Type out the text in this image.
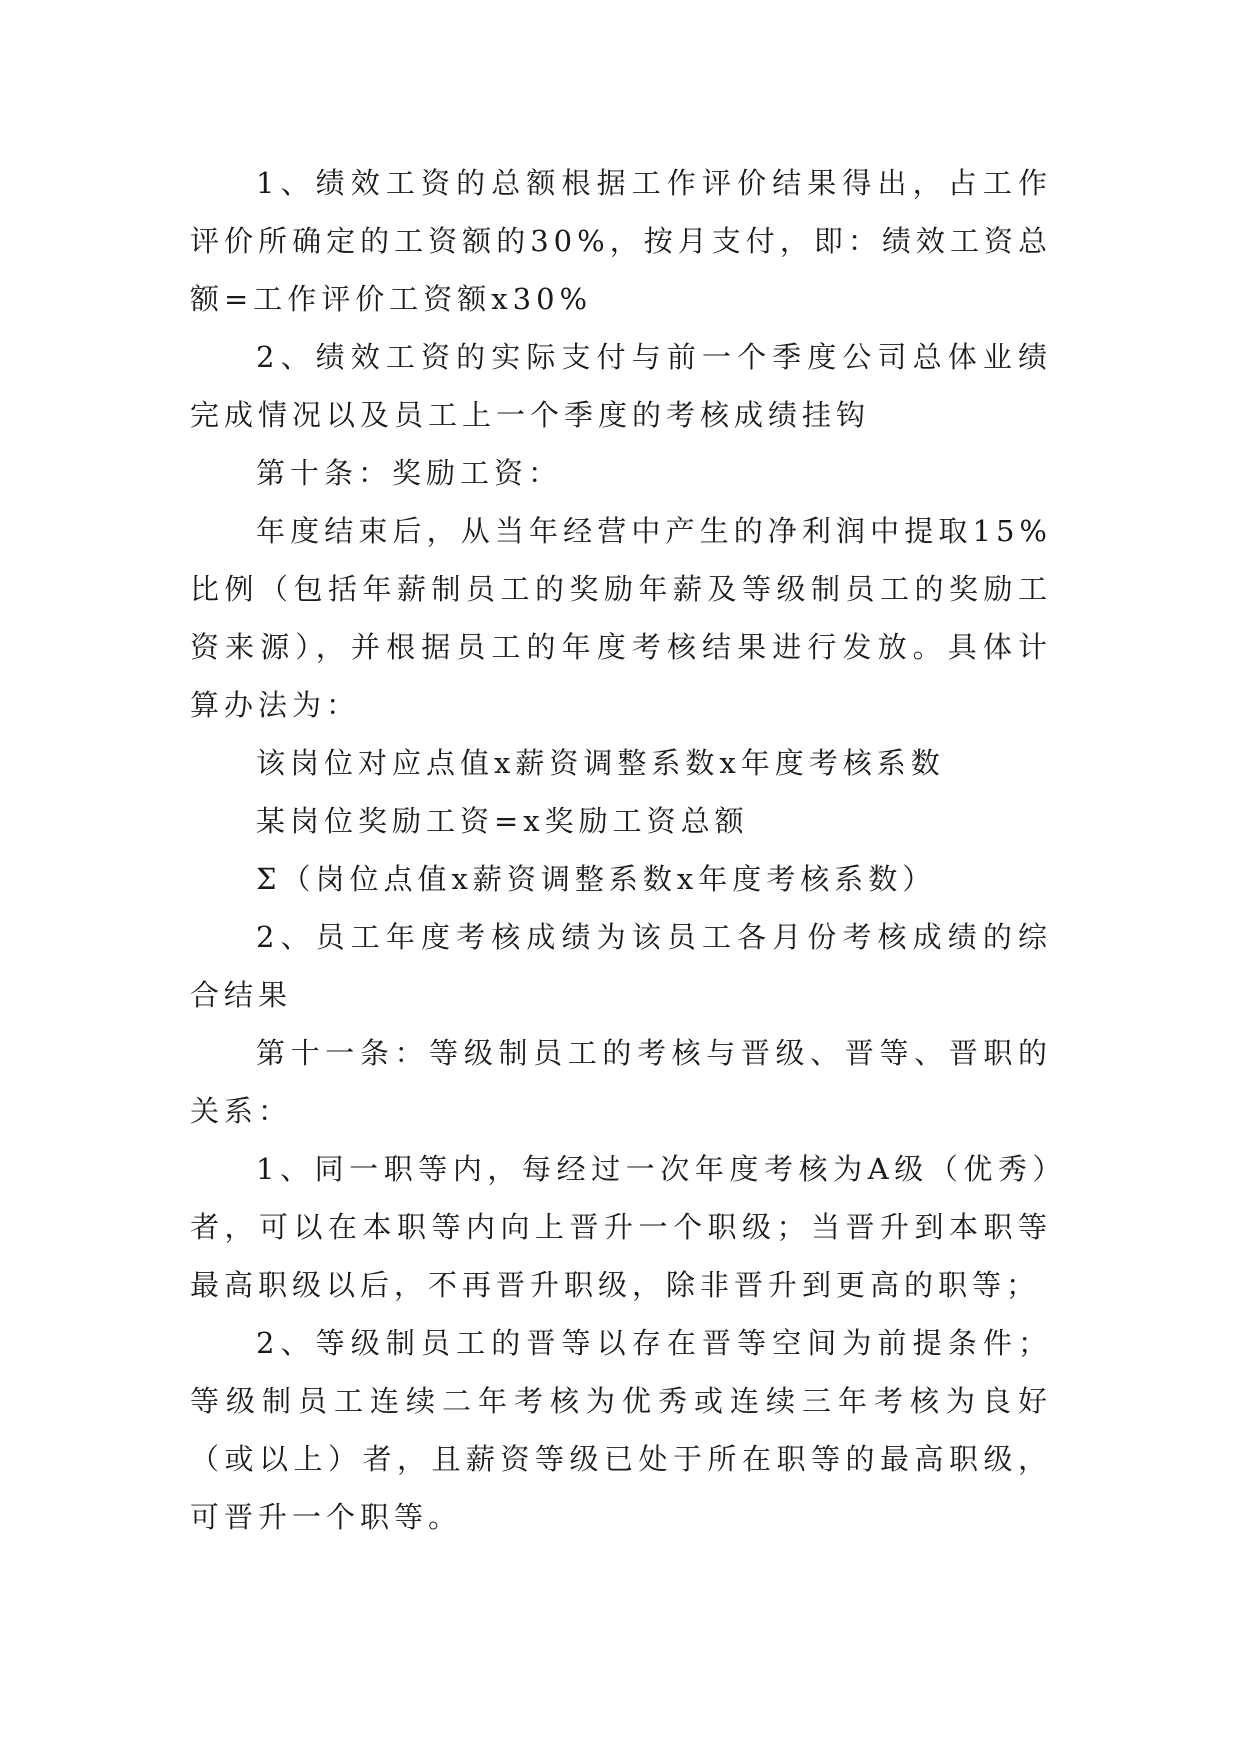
1、绩效工资的总额根据工作评价结果得出，占工作评价所确定的工资额的30%，按月支付，即：绩效工资总额=工作评价工资额x30%

2、绩效工资的实际支付与前一个季度公司总体业绩完成情况以及员工上一个季度的考核成绩挂钩

第十条：奖励工资：

年度结束后，从当年经营中产生的净利润中提取15%比例（包括年薪制员工的奖励年薪及等级制员工的奖励工资来源），并根据员工的年度考核结果进行发放。具体计算办法为：

该岗位对应点值x薪资调整系数x年度考核系数

某岗位奖励工资=x奖励工资总额

Σ（岗位点值x薪资调整系数x年度考核系数）

2、员工年度考核成绩为该员工各月份考核成绩的综合结果

第十一条：等级制员工的考核与晋级、晋等、晋职的关系：

1、同一职等内，每经过一次年度考核为A级（优秀）者，可以在本职等内向上晋升一个职级；当晋升到本职等最高职级以后，不再晋升职级，除非晋升到更高的职等；

2、等级制员工的晋等以存在晋等空间为前提条件；等级制员工连续二年考核为优秀或连续三年考核为良好（或以上）者，且薪资等级已处于所在职等的最高职级，可晋升一个职等。
